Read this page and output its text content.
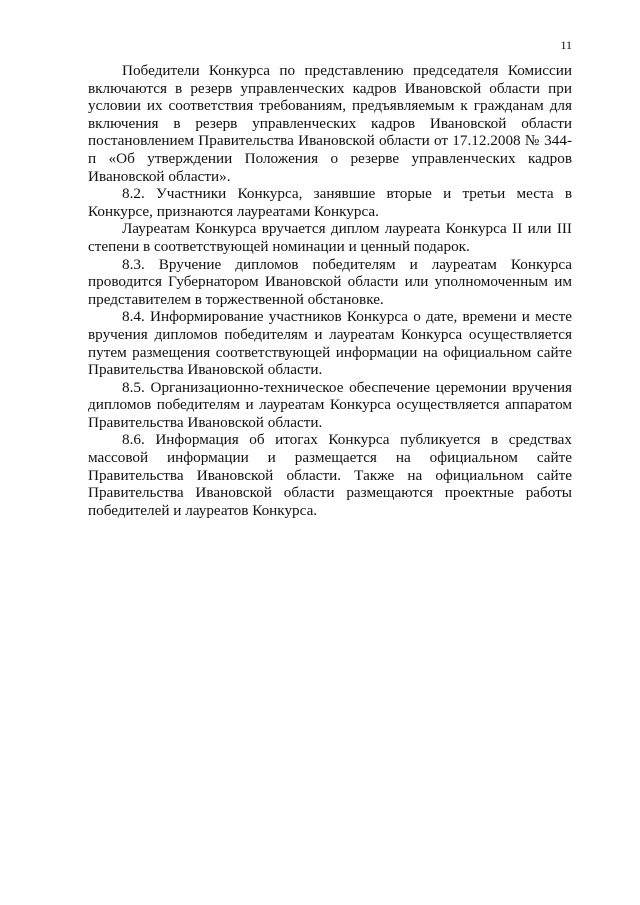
11

Победители Конкурса по представлению председателя Комиссии включаются в резерв управленческих кадров Ивановской области при условии их соответствия требованиям, предъявляемым к гражданам для включения в резерв управленческих кадров Ивановской области постановлением Правительства Ивановской области от 17.12.2008 № 344-п «Об утверждении Положения о резерве управленческих кадров Ивановской области».

8.2. Участники Конкурса, занявшие вторые и третьи места в Конкурсе, признаются лауреатами Конкурса.

Лауреатам Конкурса вручается диплом лауреата Конкурса II или III степени в соответствующей номинации и ценный подарок.

8.3. Вручение дипломов победителям и лауреатам Конкурса проводится Губернатором Ивановской области или уполномоченным им представителем в торжественной обстановке.

8.4. Информирование участников Конкурса о дате, времени и месте вручения дипломов победителям и лауреатам Конкурса осуществляется путем размещения соответствующей информации на официальном сайте Правительства Ивановской области.

8.5. Организационно-техническое обеспечение церемонии вручения дипломов победителям и лауреатам Конкурса осуществляется аппаратом Правительства Ивановской области.

8.6. Информация об итогах Конкурса публикуется в средствах массовой информации и размещается на официальном сайте Правительства Ивановской области. Также на официальном сайте Правительства Ивановской области размещаются проектные работы победителей и лауреатов Конкурса.
